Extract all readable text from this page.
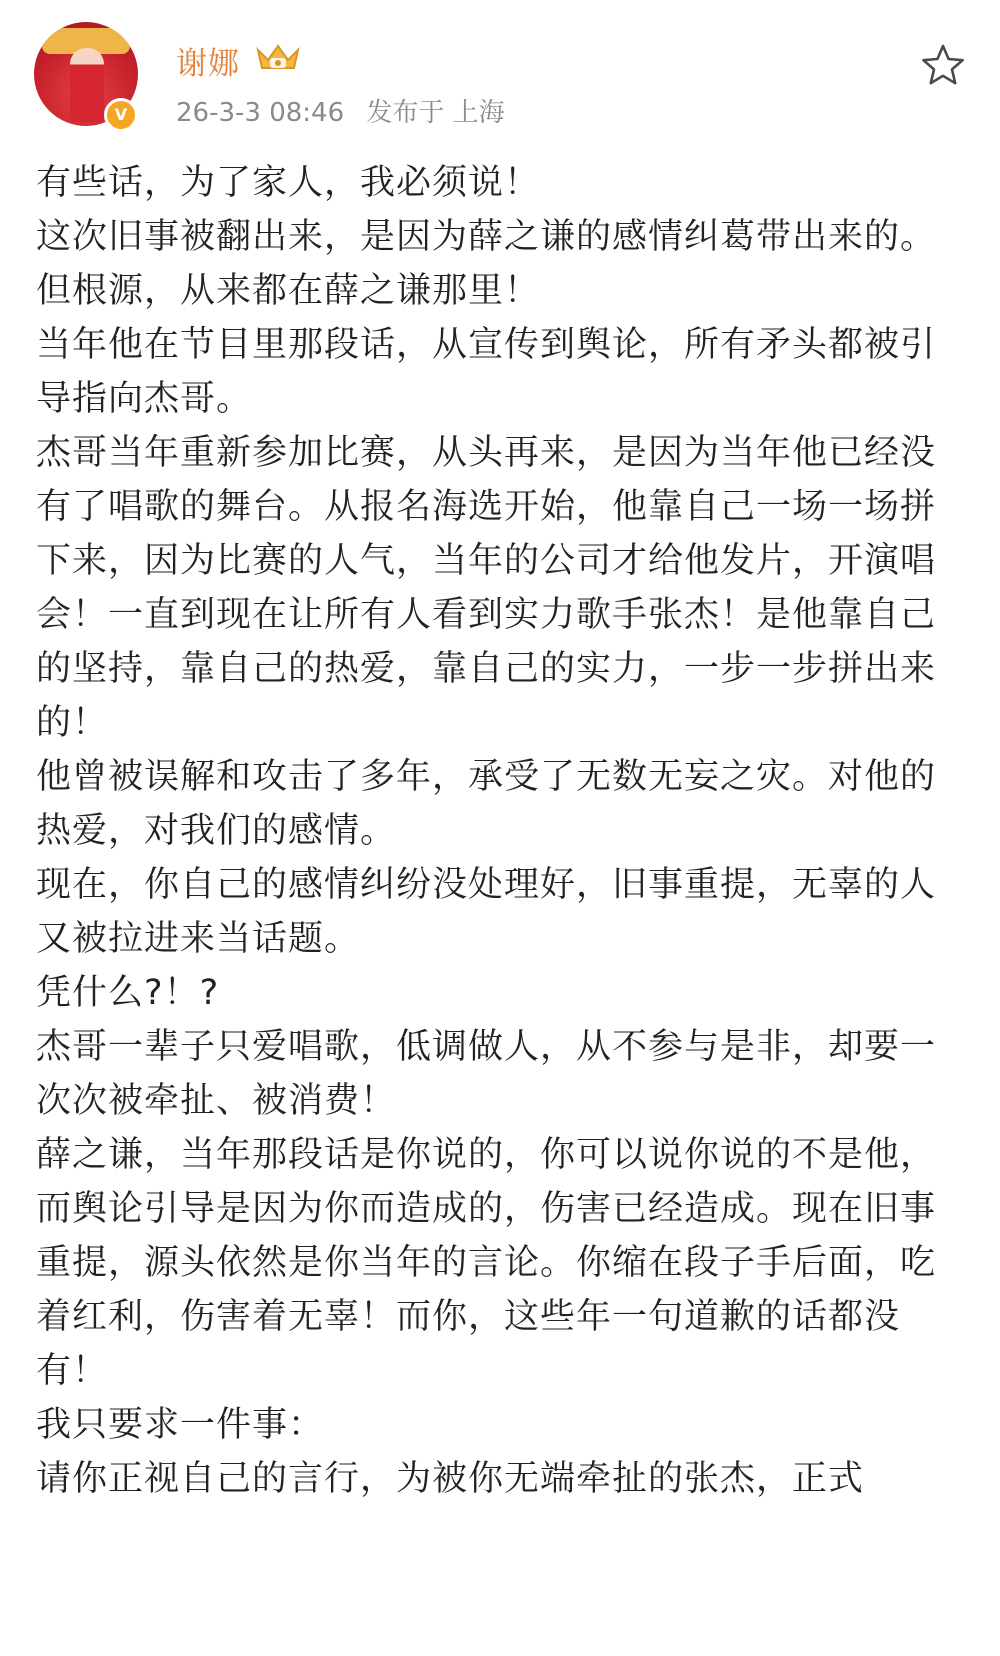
V
谢娜
26-3-3 08:46 发布于 上海

有些话，为了家人，我必须说！

这次旧事被翻出来，是因为薛之谦的感情纠葛带出来的。

但根源，从来都在薛之谦那里！

当年他在节目里那段话，从宣传到舆论，所有矛头都被引导指向杰哥。

杰哥当年重新参加比赛，从头再来，是因为当年他已经没有了唱歌的舞台。从报名海选开始，他靠自己一场一场拼下来，因为比赛的人气，当年的公司才给他发片，开演唱会！一直到现在让所有人看到实力歌手张杰！是他靠自己的坚持，靠自己的热爱，靠自己的实力，一步一步拼出来的！

他曾被误解和攻击了多年，承受了无数无妄之灾。对他的热爱，对我们的感情。

现在，你自己的感情纠纷没处理好，旧事重提，无辜的人又被拉进来当话题。

凭什么?！?

杰哥一辈子只爱唱歌，低调做人，从不参与是非，却要一次次被牵扯、被消费！

薛之谦，当年那段话是你说的，你可以说你说的不是他，而舆论引导是因为你而造成的，伤害已经造成。现在旧事重提，源头依然是你当年的言论。你缩在段子手后面，吃着红利，伤害着无辜！而你，这些年一句道歉的话都没有！

我只要求一件事：

请你正视自己的言行，为被你无端牵扯的张杰，正式
